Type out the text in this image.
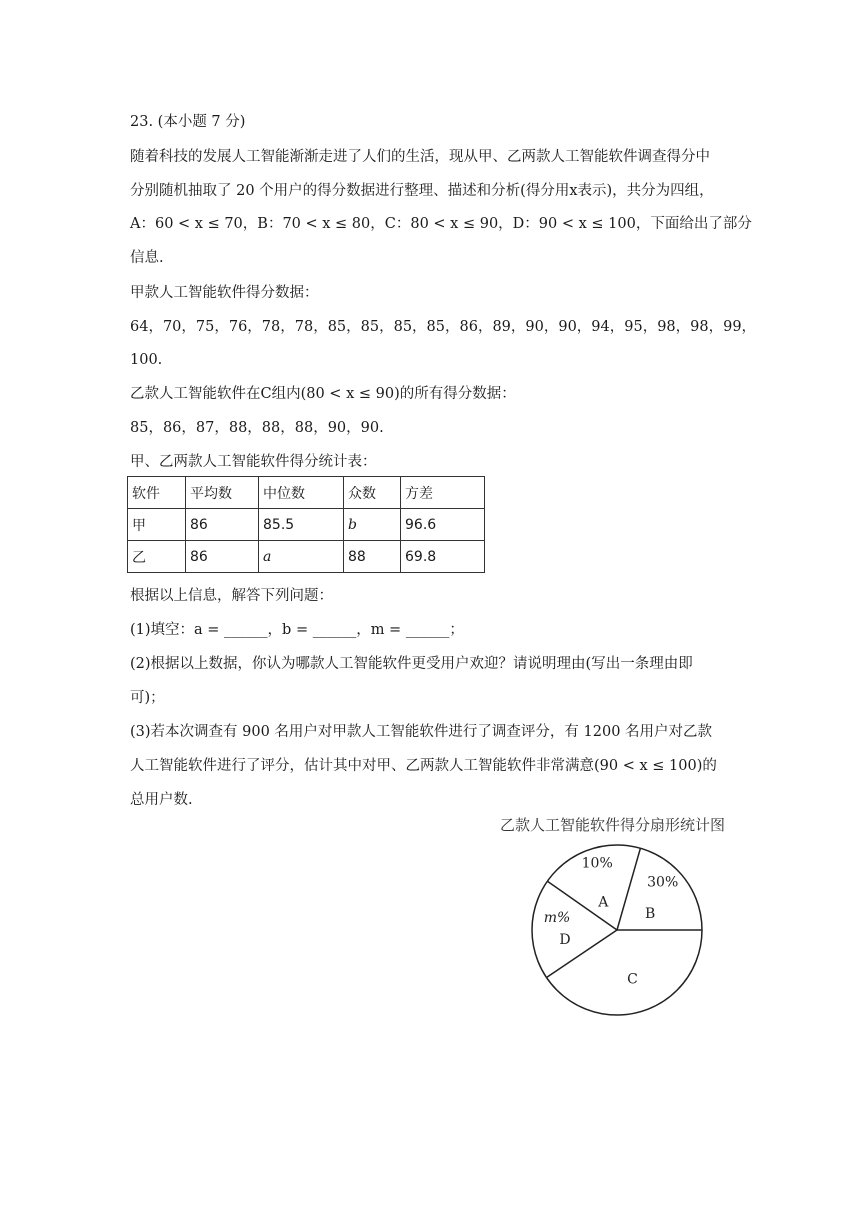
23. (本小题 7 分)
随着科技的发展人工智能渐渐走进了人们的生活，现从甲、乙两款人工智能软件调查得分中
分别随机抽取了 20 个用户的得分数据进行整理、描述和分析(得分用x表示)，共分为四组，
A：60 < x ≤ 70，B：70 < x ≤ 80，C：80 < x ≤ 90，D：90 < x ≤ 100，下面给出了部分
信息.
甲款人工智能软件得分数据：
64，70，75，76，78，78，85，85，85，85，86，89，90，90，94，95，98，98，99，
100.
乙款人工智能软件在C组内(80 < x ≤ 90)的所有得分数据：
85，86，87，88，88，88，90，90.
甲、乙两款人工智能软件得分统计表：
软件	平均数	中位数	众数	方差
甲	86	85.5	b	96.6
乙	86	a	88	69.8
根据以上信息，解答下列问题：
(1)填空：a = ______，b = ______，m = ______；
(2)根据以上数据，你认为哪款人工智能软件更受用户欢迎？请说明理由(写出一条理由即
可)；
(3)若本次调查有 900 名用户对甲款人工智能软件进行了调查评分，有 1200 名用户对乙款
人工智能软件进行了评分，估计其中对甲、乙两款人工智能软件非常满意(90 < x ≤ 100)的
总用户数.
乙款人工智能软件得分扇形统计图
10%
A
30%
B
C
m%
D
